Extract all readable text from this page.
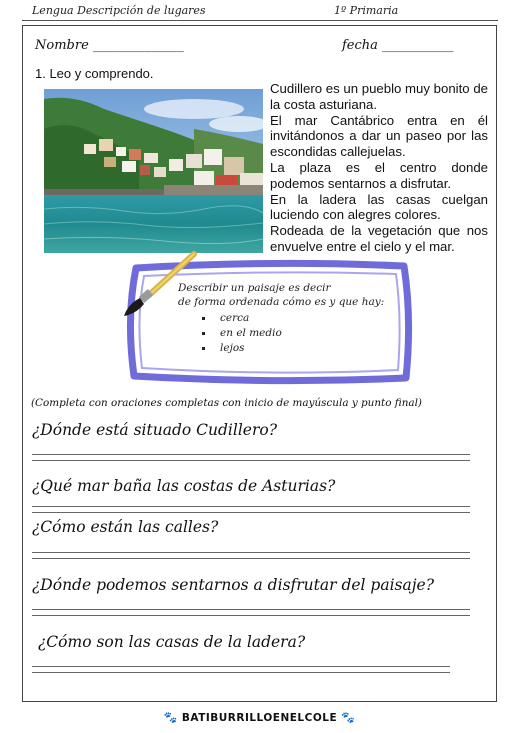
Lengua Descripción de lugares	1º Primaria
Nombre ______________	fecha ___________
1. Leo y comprendo.

Cudillero es un pueblo muy bonito de la costa asturiana.

El mar Cantábrico entra en él invitándonos a dar un paseo por las escondidas callejuelas.

La plaza es el centro donde podemos sentarnos a disfrutar.

En la ladera las casas cuelgan luciendo con alegres colores.

Rodeada de la vegetación que nos envuelve entre el cielo y el mar.

Describir un paisaje es decir
de forma ordenada cómo es y que hay:
cerca
en el medio
lejos
(Completa con oraciones completas con inicio de mayúscula y punto final)
¿Dónde está situado Cudillero?
¿Qué mar baña las costas de Asturias?
¿Cómo están las calles?
¿Dónde podemos sentarnos a disfrutar del paisaje?
¿Cómo son las casas de la ladera?
🐾 BATIBURRILLOENELCOLE 🐾
